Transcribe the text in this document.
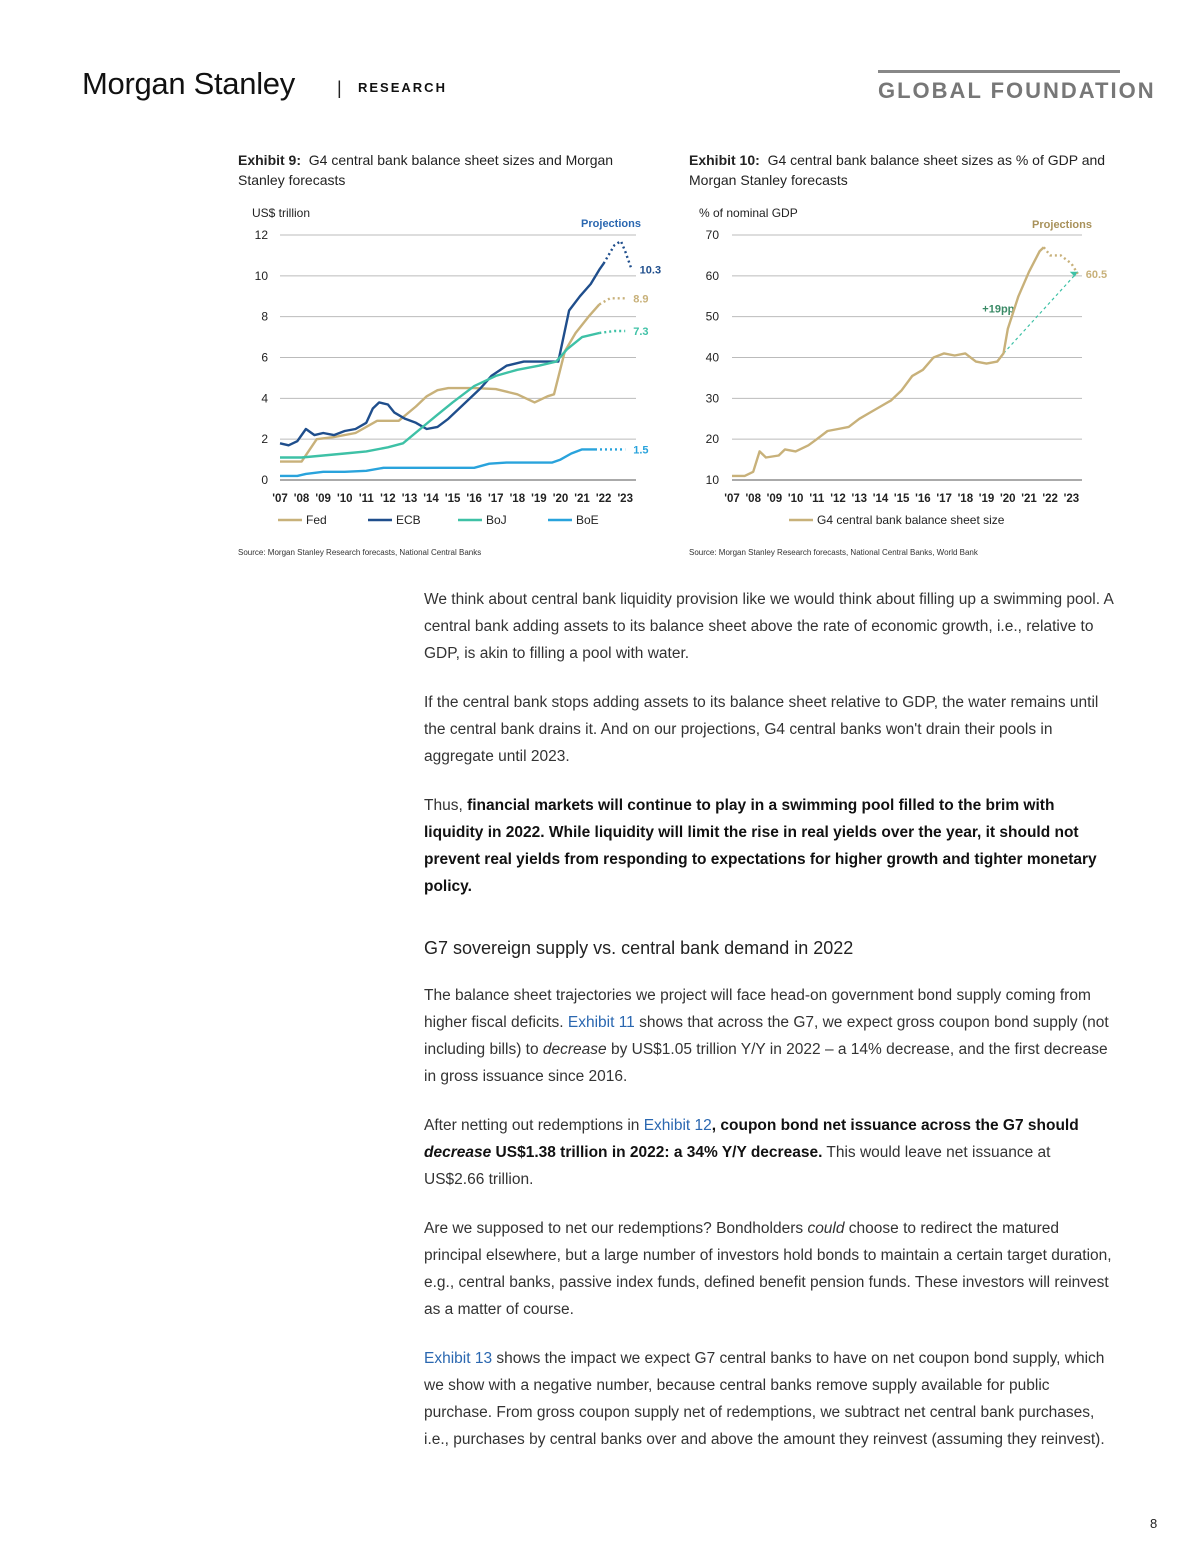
Morgan Stanley | RESEARCH	GLOBAL FOUNDATION
Exhibit 9: G4 central bank balance sheet sizes and Morgan Stanley forecasts
US$ trillion
0
2
4
6
8
10
12
'07 '08 '09 '10 '11 '12 '13 '14 '15 '16 '17 '18 '19 '20 '21 '22 '23
Projections
8.9
10.3
7.3
1.5
Fed	ECB	BoJ	BoE
Source: Morgan Stanley Research forecasts, National Central Banks
Exhibit 10: G4 central bank balance sheet sizes as % of GDP and Morgan Stanley forecasts
% of nominal GDP
10
20
30
40
50
60
70
'07 '08 '09 '10 '11 '12 '13 '14 '15 '16 '17 '18 '19 '20 '21 '22 '23
Projections
+19pp
60.5
G4 central bank balance sheet size
Source: Morgan Stanley Research forecasts, National Central Banks, World Bank

We think about central bank liquidity provision like we would think about filling up a swimming pool. A central bank adding assets to its balance sheet above the rate of economic growth, i.e., relative to GDP, is akin to filling a pool with water.

If the central bank stops adding assets to its balance sheet relative to GDP, the water remains until the central bank drains it. And on our projections, G4 central banks won't drain their pools in aggregate until 2023.

Thus, financial markets will continue to play in a swimming pool filled to the brim with liquidity in 2022. While liquidity will limit the rise in real yields over the year, it should not prevent real yields from responding to expectations for higher growth and tighter monetary policy.

G7 sovereign supply vs. central bank demand in 2022

The balance sheet trajectories we project will face head-on government bond supply coming from higher fiscal deficits. Exhibit 11 shows that across the G7, we expect gross coupon bond supply (not including bills) to decrease by US$1.05 trillion Y/Y in 2022 – a 14% decrease, and the first decrease in gross issuance since 2016.

After netting out redemptions in Exhibit 12, coupon bond net issuance across the G7 should decrease US$1.38 trillion in 2022: a 34% Y/Y decrease. This would leave net issuance at US$2.66 trillion.

Are we supposed to net our redemptions? Bondholders could choose to redirect the matured principal elsewhere, but a large number of investors hold bonds to maintain a certain target duration, e.g., central banks, passive index funds, defined benefit pension funds. These investors will reinvest as a matter of course.

Exhibit 13 shows the impact we expect G7 central banks to have on net coupon bond supply, which we show with a negative number, because central banks remove supply available for public purchase. From gross coupon supply net of redemptions, we subtract net central bank purchases, i.e., purchases by central banks over and above the amount they reinvest (assuming they reinvest).

8
